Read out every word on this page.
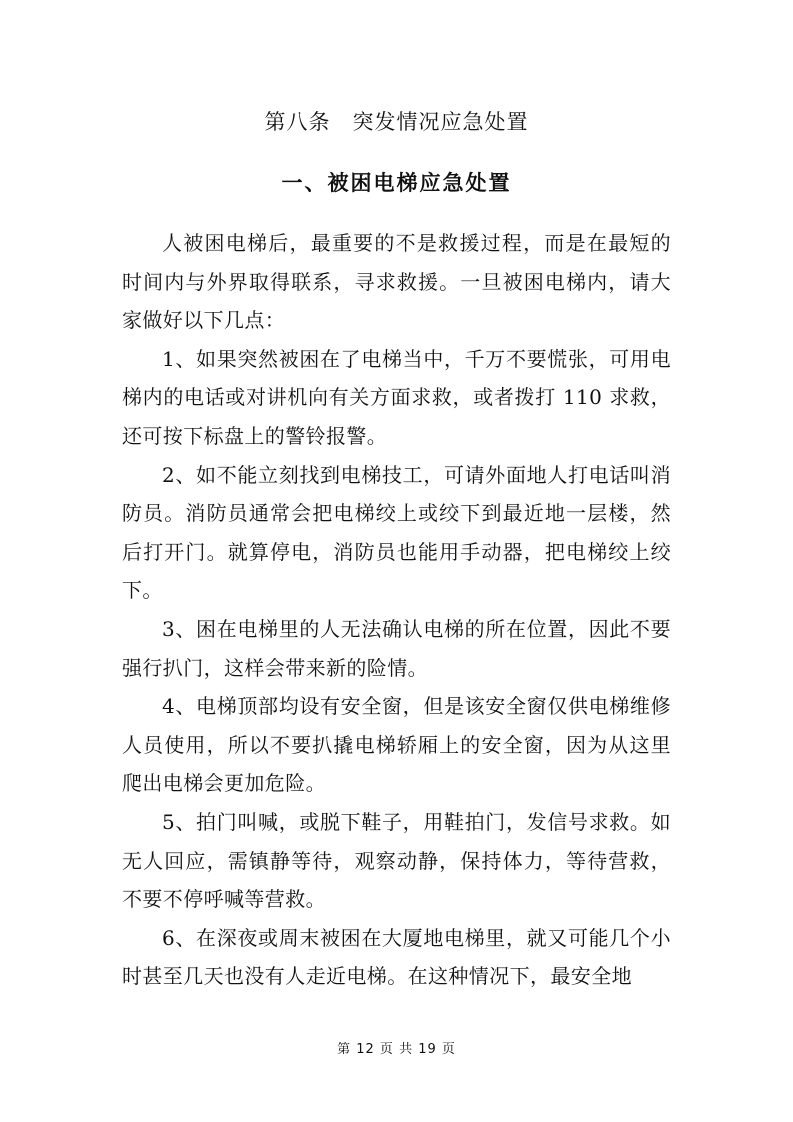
第八条　突发情况应急处置
一、被困电梯应急处置

人被困电梯后，最重要的不是救援过程，而是在最短的时间内与外界取得联系，寻求救援。一旦被困电梯内，请大家做好以下几点：

1、如果突然被困在了电梯当中，千万不要慌张，可用电梯内的电话或对讲机向有关方面求救，或者拨打 110 求救，还可按下标盘上的警铃报警。

2、如不能立刻找到电梯技工，可请外面地人打电话叫消防员。消防员通常会把电梯绞上或绞下到最近地一层楼，然后打开门。就算停电，消防员也能用手动器，把电梯绞上绞下。

3、困在电梯里的人无法确认电梯的所在位置，因此不要强行扒门，这样会带来新的险情。

4、电梯顶部均设有安全窗，但是该安全窗仅供电梯维修人员使用，所以不要扒撬电梯轿厢上的安全窗，因为从这里爬出电梯会更加危险。

5、拍门叫喊，或脱下鞋子，用鞋拍门，发信号求救。如无人回应，需镇静等待，观察动静，保持体力，等待营救，不要不停呼喊等营救。

6、在深夜或周末被困在大厦地电梯里，就又可能几个小时甚至几天也没有人走近电梯。在这种情况下，最安全地

第 12 页 共 19 页
